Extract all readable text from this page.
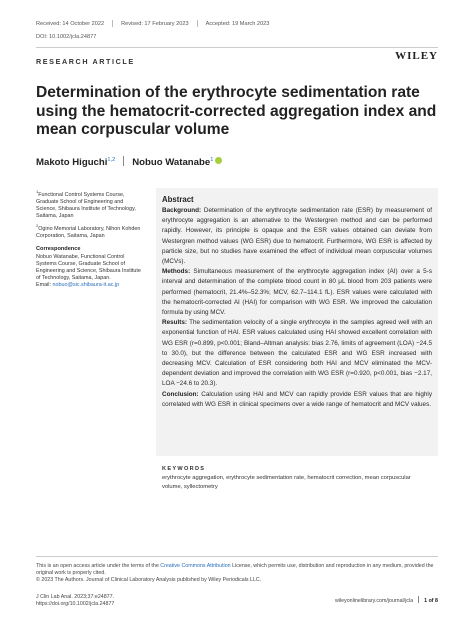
Received: 14 October 2022	Revised: 17 February 2023	Accepted: 19 March 2023
DOI: 10.1002/jcla.24877
RESEARCH ARTICLE	WILEY
Determination of the erythrocyte sedimentation rate using the hematocrit-corrected aggregation index and mean corpuscular volume
Makoto Higuchi$^{1,2}$ Nobuo Watanabe$^1$
$^1$Functional Control Systems Course, Graduate School of Engineering and Science, Shibaura Institute of Technology, Saitama, Japan
$^2$Ogino Memorial Laboratory, Nihon Kohden Corporation, Saitama, Japan
Correspondence
Nobuo Watanabe, Functional Control Systems Course, Graduate School of Engineering and Science, Shibaura Institute of Technology, Saitama, Japan.
Email: nobuo@sic.shibaura-it.ac.jp
Abstract

Background: Determination of the erythrocyte sedimentation rate (ESR) by measurement of erythrocyte aggregation is an alternative to the Westergren method and can be performed rapidly. However, its principle is opaque and the ESR values obtained can deviate from Westergren method values (WG ESR) due to hematocrit. Furthermore, WG ESR is affected by particle size, but no studies have examined the effect of individual mean corpuscular volumes (MCVs).

Methods: Simultaneous measurement of the erythrocyte aggregation index (AI) over a 5-s interval and determination of the complete blood count in 80 μL blood from 203 patients were performed (hematocrit, 21.4%–52.3%; MCV, 62.7–114.1 fL). ESR values were calculated with the hematocrit-corrected AI (HAI) for comparison with WG ESR. We improved the calculation formula by using MCV.

Results: The sedimentation velocity of a single erythrocyte in the samples agreed well with an exponential function of HAI. ESR values calculated using HAI showed excellent correlation with WG ESR (r=0.899, p<0.001; Bland–Altman analysis: bias 2.76, limits of agreement (LOA) −24.5 to 30.0), but the difference between the calculated ESR and WG ESR increased with decreasing MCV. Calculation of ESR considering both HAI and MCV eliminated the MCV-dependent deviation and improved the correlation with WG ESR (r=0.920, p<0.001, bias −2.17, LOA −24.6 to 20.3).

Conclusion: Calculation using HAI and MCV can rapidly provide ESR values that are highly correlated with WG ESR in clinical specimens over a wide range of hematocrit and MCV values.

KEYWORDS
erythrocyte aggregation, erythrocyte sedimentation rate, hematocrit correction, mean corpuscular volume, syllectometry
This is an open access article under the terms of the Creative Commons Attribution License, which permits use, distribution and reproduction in any medium, provided the original work is properly cited.
© 2023 The Authors. Journal of Clinical Laboratory Analysis published by Wiley Periodicals LLC.
J Clin Lab Anal. 2023;37:e24877.
https://doi.org/10.1002/jcla.24877
wileyonlinelibrary.com/journal/jcla 1 of 8
